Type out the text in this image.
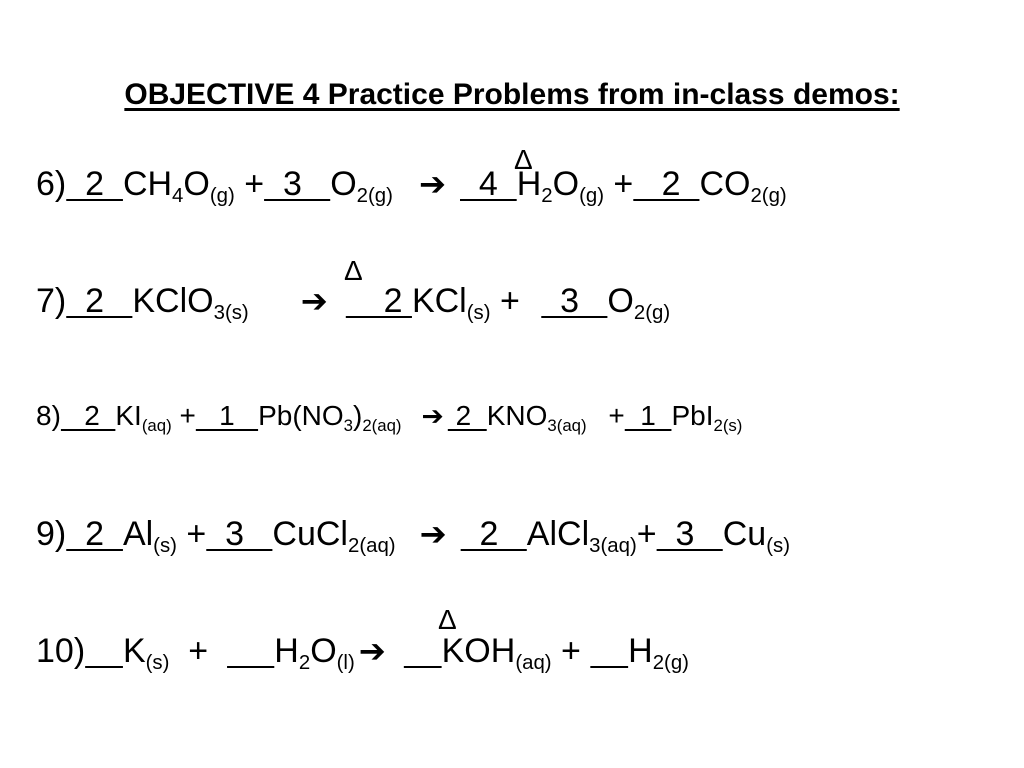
OBJECTIVE 4 Practice Problems from in-class demos:
Δ
6)  2  $CH_4O_{(g)} + 3$   $O_{2(g)}$ ➔  4  $H_2O_{(g)} + 2$  $CO_{2(g)}$
Δ
7)  2   KClO$_{3(s)}$ ➔    2 KCl$_{(s)}$ +   3   $O_{2(g)}$
8)   2  $KI_{(aq)} + 1$   $Pb(NO_3)_{2(aq)}$ ➔ 2  $KNO_{3(aq)} + 1$  PbI$_{2(s)}$
9)  2  $Al_{(s)} + 3$   CuCl$_{2(aq)}$ ➔  2   AlCl$_{3(aq)}$+  3   $Cu_{(s)}$
Δ
10) $K_{(s)}$  +       $H_2O_{(l)}$ ➔ $KOH_{(aq)}$ +     $H_{2(g)}$
